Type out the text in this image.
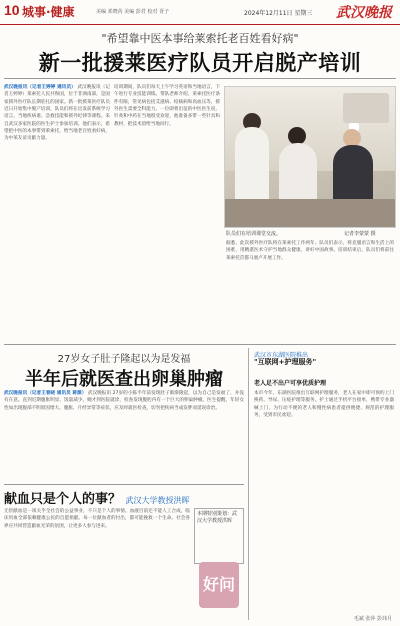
10 城事·健康	美编 邓晓芮 美编 彭君 校对 胥子	2024年12月11日 星期三 武汉晚报
"希望靠中医本事给莱索托老百姓看好病"
新一批援莱医疗队员开启脱产培训
武汉晚报讯（记者王婷婷 通讯员） 武汉晚报讯（记者王婷婷）莱索托人民共和国，位于非洲南部，是国家援外医疗队长期驻扎的国家。新一批援莱医疗队员近日开始集中脱产培训，队员们将在出发前系统学习语言、当地疾病谱、急救技能和援外纪律等课程。来自武汉多家医院的医生护士参加培训。他们表示，希望把中医的本事带到莱索托，给当地老百姓看好病，为中莱友谊贡献力量。
培训期间，队员们每天上午学习英语和当地语言，下午进行专业技能训练。带队老师介绍，莱索托医疗条件有限，常见病包括艾滋病、结核病和高血压等，援外医生需要全科能力。一位即将出征的中医医生说，针灸和中药在当地很受欢迎，他准备多带一些针具和教材，把技术留给当地同行。
队员们在培训课堂交流。	记者李蒙蒙 摄
据悉，此次援外医疗队将在莱索托工作两年。队员们表示，将克服语言和生活上的困难，用精湛医术守护当地群众健康，讲好中国故事。培训结束后，队员们将前往莱索托首都马塞卢开展工作。
27岁女子肚子隆起以为是发福
半年后就医查出卵巢肿瘤
武汉晚报讯（记者王春晓 通讯员 蒋源） 武汉晚报讯 27岁的小陈半年前发现肚子渐渐隆起，以为自己是发福了，并没有在意。直到近期腹胀明显、饭量减少，她才到医院就诊，检查发现腹腔内有一个巨大的卵巢肿瘤。医生提醒，年轻女性如出现腹部不明原因增大、腹胀、月经异常等症状，应及时就医检查，切勿把疾病当成发胖而延误诊治。
武汉市东湖医院推出
"互联网+护理服务"
老人足不出户可享优质护理
本市今年，东湖医院推出互联网护理服务，老人在家中即可预约上门换药、导尿、压疮护理等服务。护士通过手机平台接单，携带专业器械上门，为行动不便的老人和慢性病患者提供便捷、规范的护理服务，受到市民欢迎。
献血只是个人的事？ 武汉大学教授洪晖
无偿献血是一项关乎全社会的公益事业，不只是个人的事情。血液目前还不能人工合成，临床用血全部依赖健康公民的自愿捐献。每一位献血者的付出，都可能挽救一个生命。社会各界应共同营造献血光荣的氛围，让更多人参与进来。
本期特别策划：武汉大学教授洪晖
好问
毛斌 张萍 彭玮月
